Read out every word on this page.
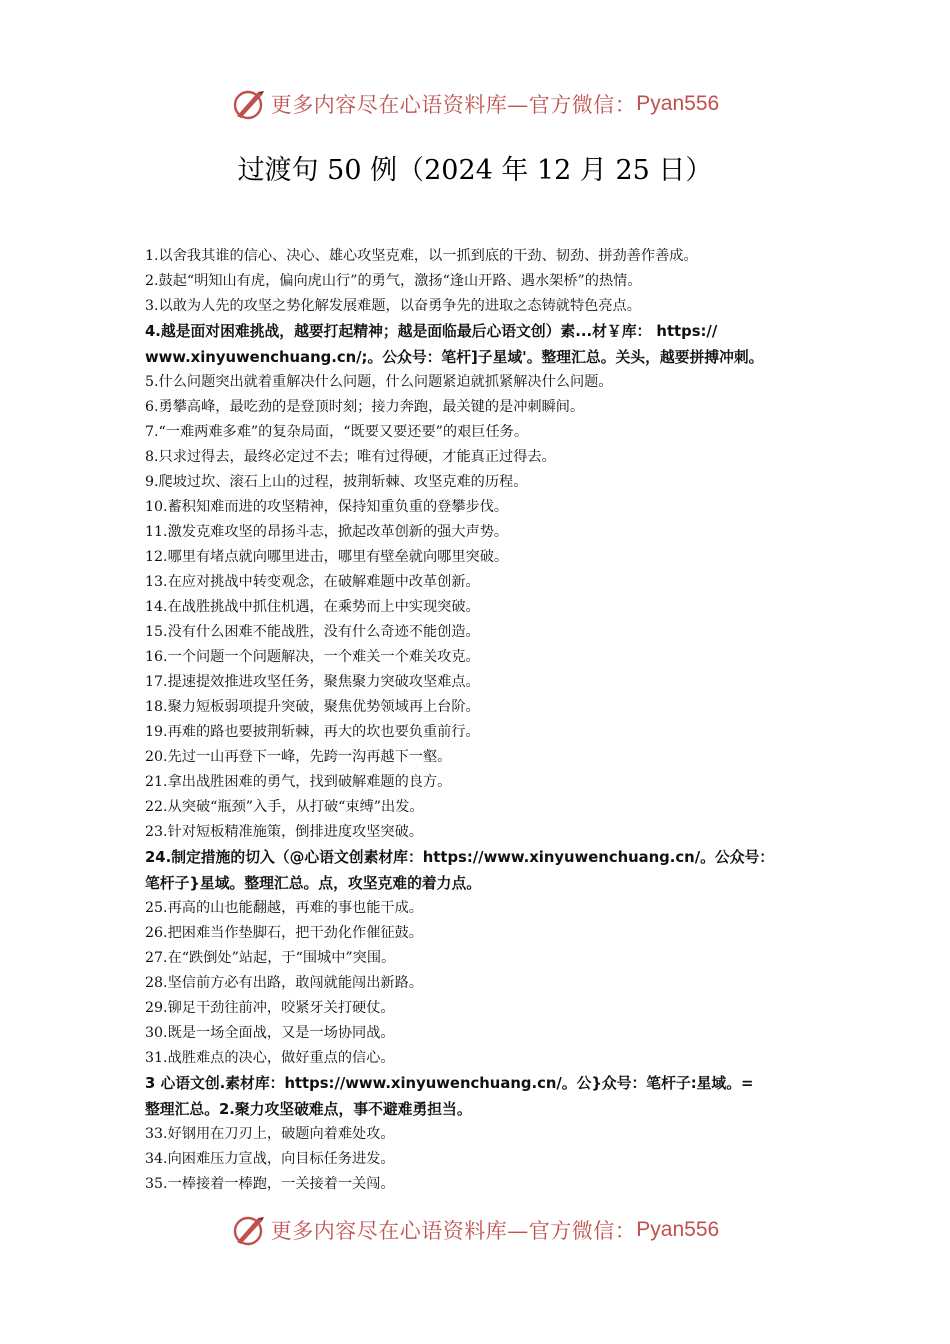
更多内容尽在心语资料库—官方微信： Pyan556
过渡句 50 例（2024 年 12 月 25 日）
1.以舍我其谁的信心、决心、雄心攻坚克难，以一抓到底的干劲、韧劲、拼劲善作善成。
2.鼓起“明知山有虎，偏向虎山行”的勇气，激扬“逢山开路、遇水架桥”的热情。
3.以敢为人先的攻坚之势化解发展难题，以奋勇争先的进取之态铸就特色亮点。
4.越是面对困难挑战，越要打起精神；越是面临最后心语文创）素...材￥库： https://
www.xinyuwenchuang.cn/;。公众号：笔杆]子星域'。整理汇总。关头，越要拼搏冲刺。
5.什么问题突出就着重解决什么问题，什么问题紧迫就抓紧解决什么问题。
6.勇攀高峰，最吃劲的是登顶时刻；接力奔跑，最关键的是冲刺瞬间。
7.“一难两难多难”的复杂局面，“既要又要还要”的艰巨任务。
8.只求过得去，最终必定过不去；唯有过得硬，才能真正过得去。
9.爬坡过坎、滚石上山的过程，披荆斩棘、攻坚克难的历程。
10.蓄积知难而进的攻坚精神，保持知重负重的登攀步伐。
11.激发克难攻坚的昂扬斗志，掀起改革创新的强大声势。
12.哪里有堵点就向哪里进击，哪里有壁垒就向哪里突破。
13.在应对挑战中转变观念，在破解难题中改革创新。
14.在战胜挑战中抓住机遇，在乘势而上中实现突破。
15.没有什么困难不能战胜，没有什么奇迹不能创造。
16.一个问题一个问题解决，一个难关一个难关攻克。
17.提速提效推进攻坚任务，聚焦聚力突破攻坚难点。
18.聚力短板弱项提升突破，聚焦优势领域再上台阶。
19.再难的路也要披荆斩棘，再大的坎也要负重前行。
20.先过一山再登下一峰，先跨一沟再越下一壑。
21.拿出战胜困难的勇气，找到破解难题的良方。
22.从突破“瓶颈”入手，从打破“束缚”出发。
23.针对短板精准施策，倒排进度攻坚突破。
24.制定措施的切入（@心语文创素材库：https://www.xinyuwenchuang.cn/。公众号：
笔杆子}星域。整理汇总。点，攻坚克难的着力点。
25.再高的山也能翻越，再难的事也能干成。
26.把困难当作垫脚石，把干劲化作催征鼓。
27.在“跌倒处”站起，于“围城中”突围。
28.坚信前方必有出路，敢闯就能闯出新路。
29.铆足干劲往前冲，咬紧牙关打硬仗。
30.既是一场全面战，又是一场协同战。
31.战胜难点的决心，做好重点的信心。
3 心语文创.素材库：https://www.xinyuwenchuang.cn/。公}众号：笔杆子:星域。=
整理汇总。2.聚力攻坚破难点，事不避难勇担当。
33.好钢用在刀刃上，破题向着难处攻。
34.向困难压力宣战，向目标任务进发。
35.一棒接着一棒跑，一关接着一关闯。
更多内容尽在心语资料库—官方微信： Pyan556
